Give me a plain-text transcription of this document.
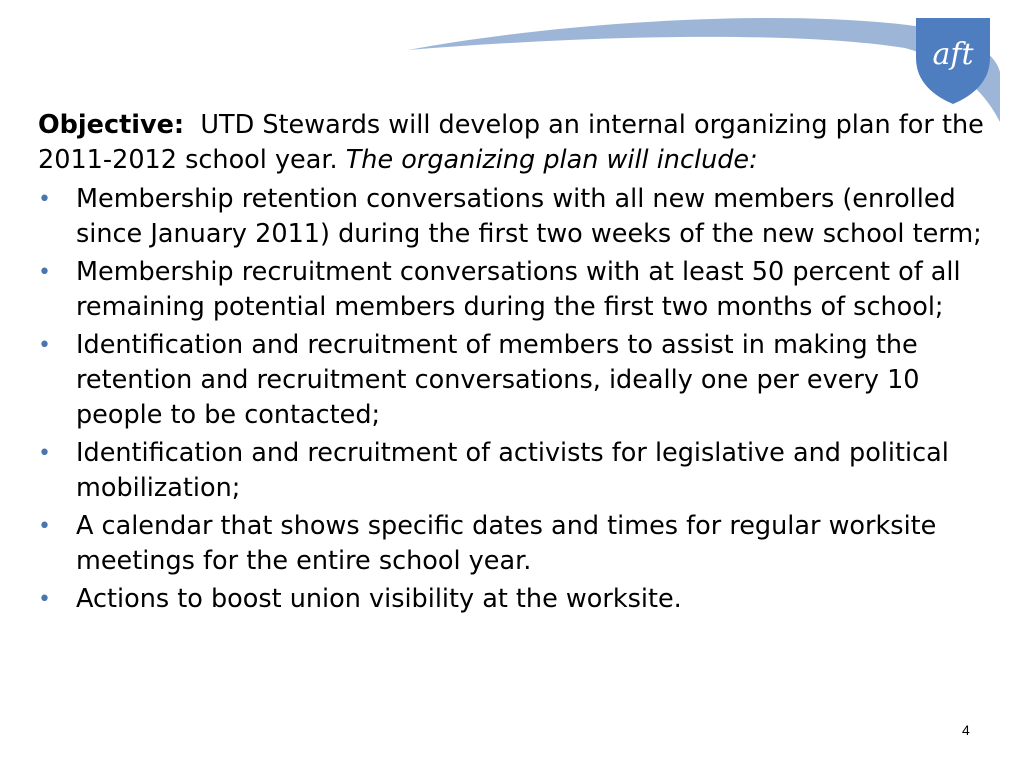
aft

Objective: UTD Stewards will develop an internal organizing plan for the 2011-2012 school year. The organizing plan will include:

• Membership retention conversations with all new members (enrolled since January 2011) during the first two weeks of the new school term;
• Membership recruitment conversations with at least 50 percent of all remaining potential members during the first two months of school;
• Identification and recruitment of members to assist in making the retention and recruitment conversations, ideally one per every 10 people to be contacted;
• Identification and recruitment of activists for legislative and political mobilization;
• A calendar that shows specific dates and times for regular worksite meetings for the entire school year.
• Actions to boost union visibility at the worksite.
4
